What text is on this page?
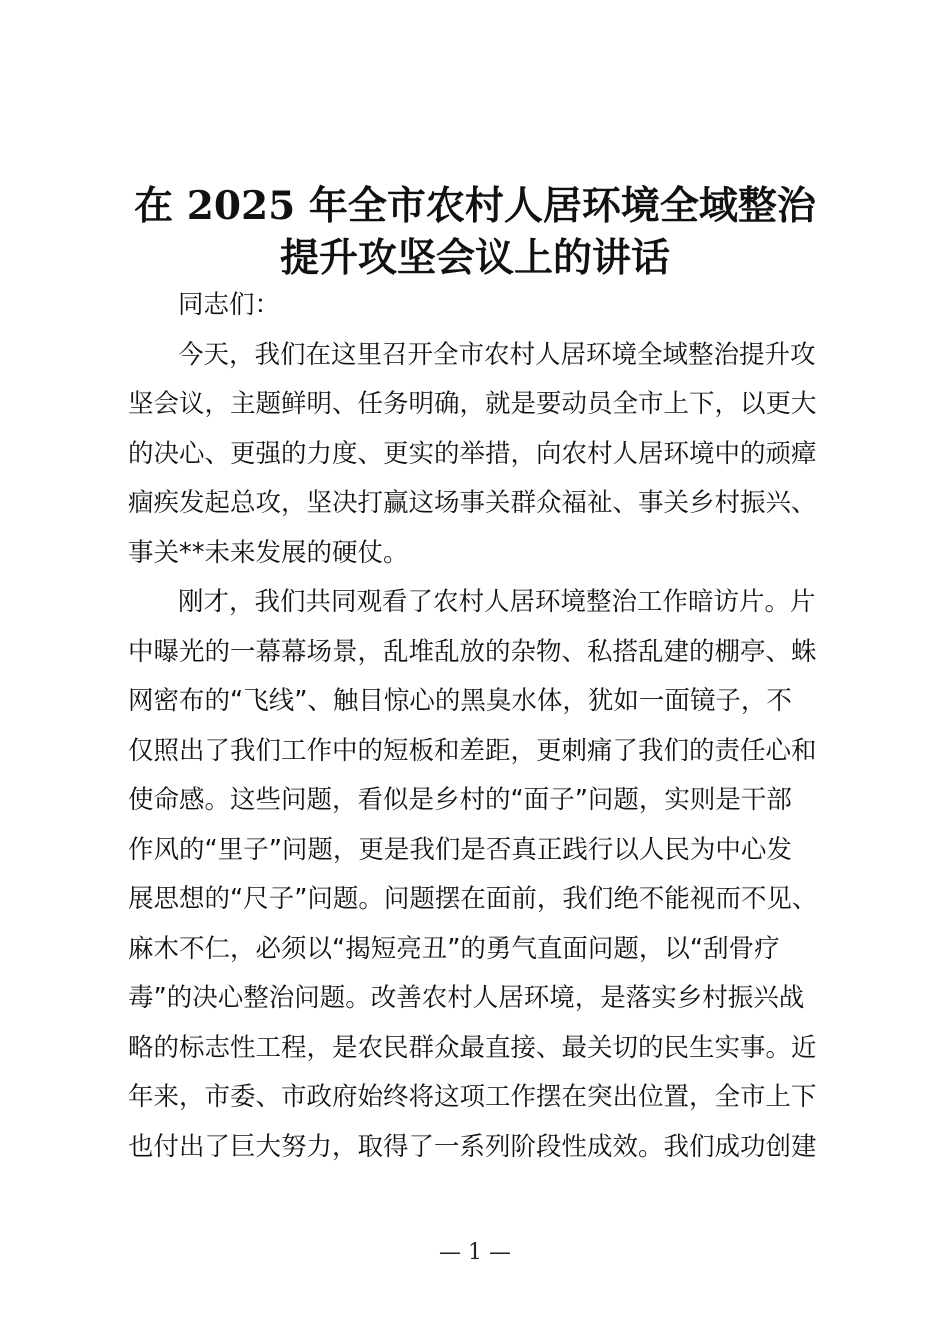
在 2025 年全市农村人居环境全域整治
提升攻坚会议上的讲话
同志们：
今天，我们在这里召开全市农村人居环境全域整治提升攻
坚会议，主题鲜明、任务明确，就是要动员全市上下，以更大
的决心、更强的力度、更实的举措，向农村人居环境中的顽瘴
痼疾发起总攻，坚决打赢这场事关群众福祉、事关乡村振兴、
事关**未来发展的硬仗。
刚才，我们共同观看了农村人居环境整治工作暗访片。片
中曝光的一幕幕场景，乱堆乱放的杂物、私搭乱建的棚亭、蛛
网密布的“飞线”、触目惊心的黑臭水体，犹如一面镜子，不
仅照出了我们工作中的短板和差距，更刺痛了我们的责任心和
使命感。这些问题，看似是乡村的“面子”问题，实则是干部
作风的“里子”问题，更是我们是否真正践行以人民为中心发
展思想的“尺子”问题。问题摆在面前，我们绝不能视而不见、
麻木不仁，必须以“揭短亮丑”的勇气直面问题，以“刮骨疗
毒”的决心整治问题。改善农村人居环境，是落实乡村振兴战
略的标志性工程，是农民群众最直接、最关切的民生实事。近
年来，市委、市政府始终将这项工作摆在突出位置，全市上下
也付出了巨大努力，取得了一系列阶段性成效。我们成功创建
— 1 —
